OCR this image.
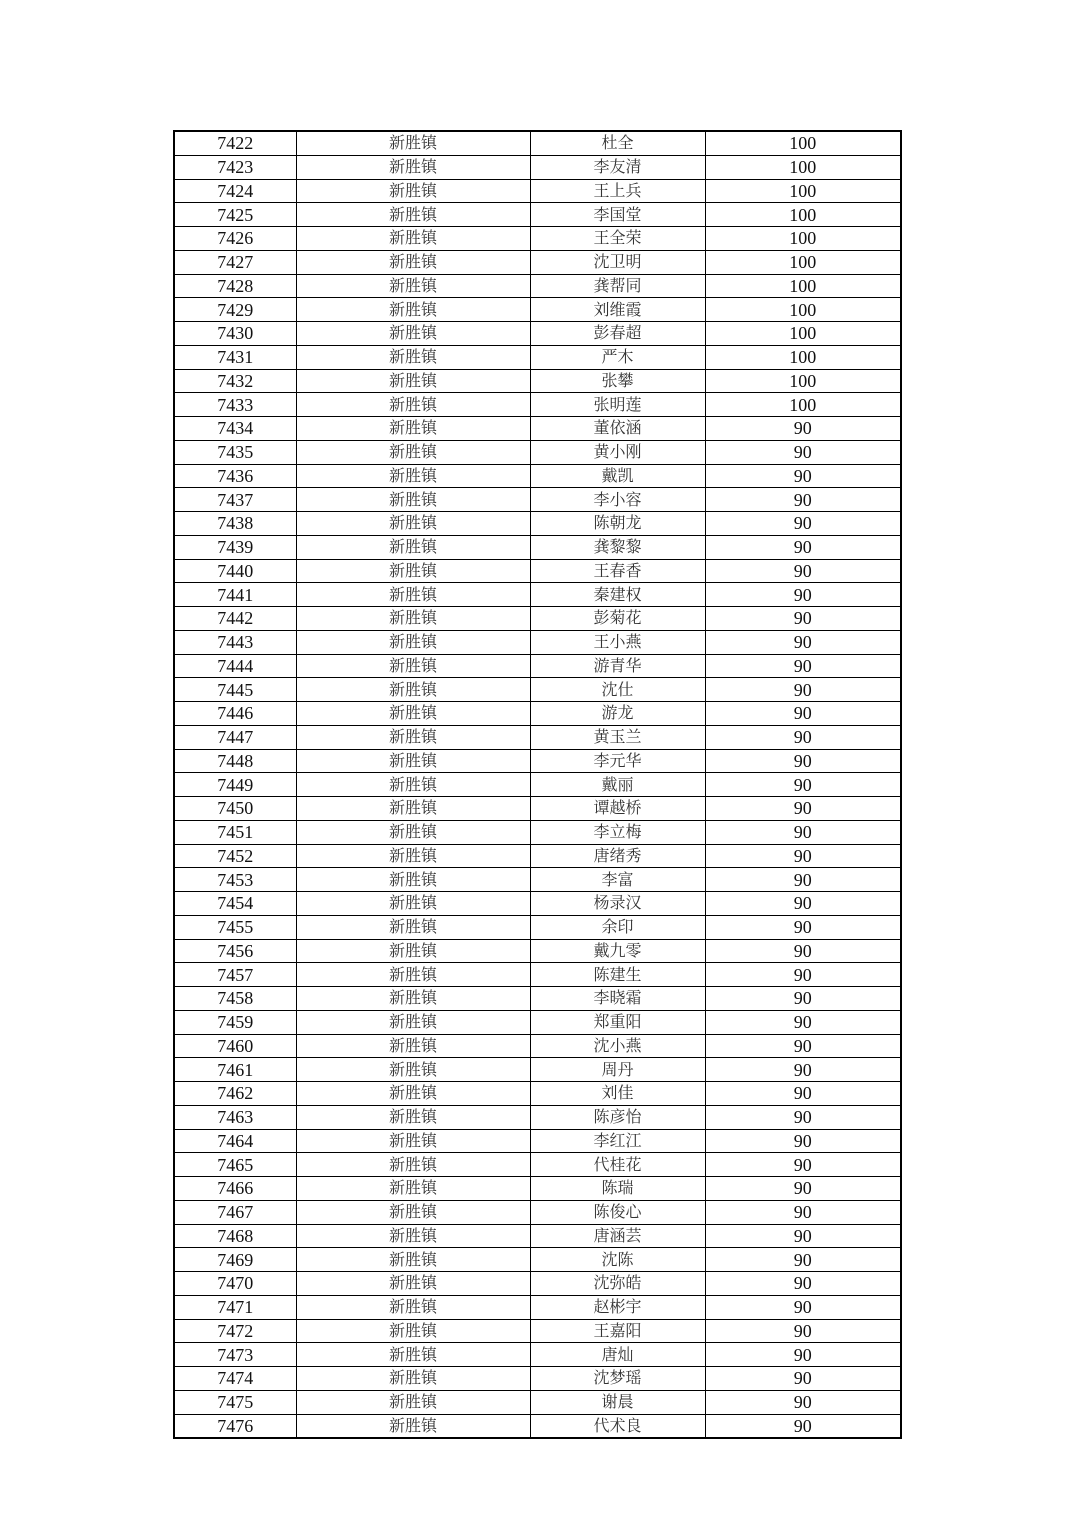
7422	新胜镇	杜全	100
7423	新胜镇	李友清	100
7424	新胜镇	王上兵	100
7425	新胜镇	李国堂	100
7426	新胜镇	王全荣	100
7427	新胜镇	沈卫明	100
7428	新胜镇	龚帮同	100
7429	新胜镇	刘维霞	100
7430	新胜镇	彭春超	100
7431	新胜镇	严木	100
7432	新胜镇	张攀	100
7433	新胜镇	张明莲	100
7434	新胜镇	董依涵	90
7435	新胜镇	黄小刚	90
7436	新胜镇	戴凯	90
7437	新胜镇	李小容	90
7438	新胜镇	陈朝龙	90
7439	新胜镇	龚黎黎	90
7440	新胜镇	王春香	90
7441	新胜镇	秦建权	90
7442	新胜镇	彭菊花	90
7443	新胜镇	王小燕	90
7444	新胜镇	游青华	90
7445	新胜镇	沈仕	90
7446	新胜镇	游龙	90
7447	新胜镇	黄玉兰	90
7448	新胜镇	李元华	90
7449	新胜镇	戴丽	90
7450	新胜镇	谭越桥	90
7451	新胜镇	李立梅	90
7452	新胜镇	唐绪秀	90
7453	新胜镇	李富	90
7454	新胜镇	杨录汉	90
7455	新胜镇	余印	90
7456	新胜镇	戴九零	90
7457	新胜镇	陈建生	90
7458	新胜镇	李晓霜	90
7459	新胜镇	郑重阳	90
7460	新胜镇	沈小燕	90
7461	新胜镇	周丹	90
7462	新胜镇	刘佳	90
7463	新胜镇	陈彦怡	90
7464	新胜镇	李红江	90
7465	新胜镇	代桂花	90
7466	新胜镇	陈瑞	90
7467	新胜镇	陈俊心	90
7468	新胜镇	唐涵芸	90
7469	新胜镇	沈陈	90
7470	新胜镇	沈弥皓	90
7471	新胜镇	赵彬宇	90
7472	新胜镇	王嘉阳	90
7473	新胜镇	唐灿	90
7474	新胜镇	沈梦瑶	90
7475	新胜镇	谢晨	90
7476	新胜镇	代术良	90
